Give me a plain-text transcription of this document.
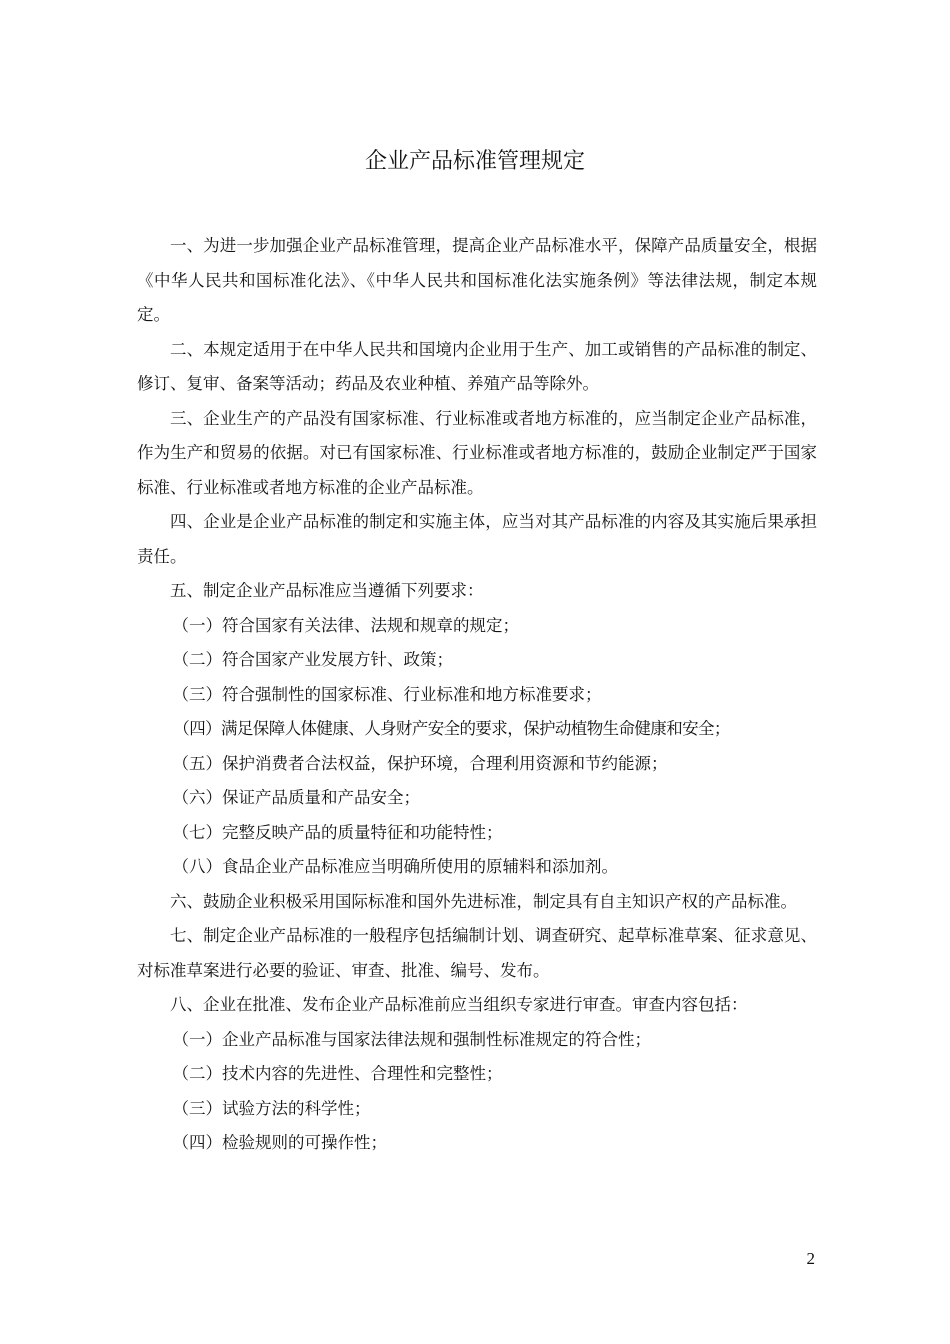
企业产品标准管理规定

一、为进一步加强企业产品标准管理，提高企业产品标准水平，保障产品质量安全，根据《中华人民共和国标准化法》、《中华人民共和国标准化法实施条例》等法律法规，制定本规定。

二、本规定适用于在中华人民共和国境内企业用于生产、加工或销售的产品标准的制定、修订、复审、备案等活动；药品及农业种植、养殖产品等除外。

三、企业生产的产品没有国家标准、行业标准或者地方标准的，应当制定企业产品标准，作为生产和贸易的依据。对已有国家标准、行业标准或者地方标准的，鼓励企业制定严于国家标准、行业标准或者地方标准的企业产品标准。

四、企业是企业产品标准的制定和实施主体，应当对其产品标准的内容及其实施后果承担责任。

五、制定企业产品标准应当遵循下列要求：

（一）符合国家有关法律、法规和规章的规定；

（二）符合国家产业发展方针、政策；

（三）符合强制性的国家标准、行业标准和地方标准要求；

（四）满足保障人体健康、人身财产安全的要求，保护动植物生命健康和安全；

（五）保护消费者合法权益，保护环境，合理利用资源和节约能源；

（六）保证产品质量和产品安全；

（七）完整反映产品的质量特征和功能特性；

（八）食品企业产品标准应当明确所使用的原辅料和添加剂。

六、鼓励企业积极采用国际标准和国外先进标准，制定具有自主知识产权的产品标准。

七、制定企业产品标准的一般程序包括编制计划、调查研究、起草标准草案、征求意见、对标准草案进行必要的验证、审查、批准、编号、发布。

八、企业在批准、发布企业产品标准前应当组织专家进行审查。审查内容包括：

（一）企业产品标准与国家法律法规和强制性标准规定的符合性；

（二）技术内容的先进性、合理性和完整性；

（三）试验方法的科学性；

（四）检验规则的可操作性；

2
